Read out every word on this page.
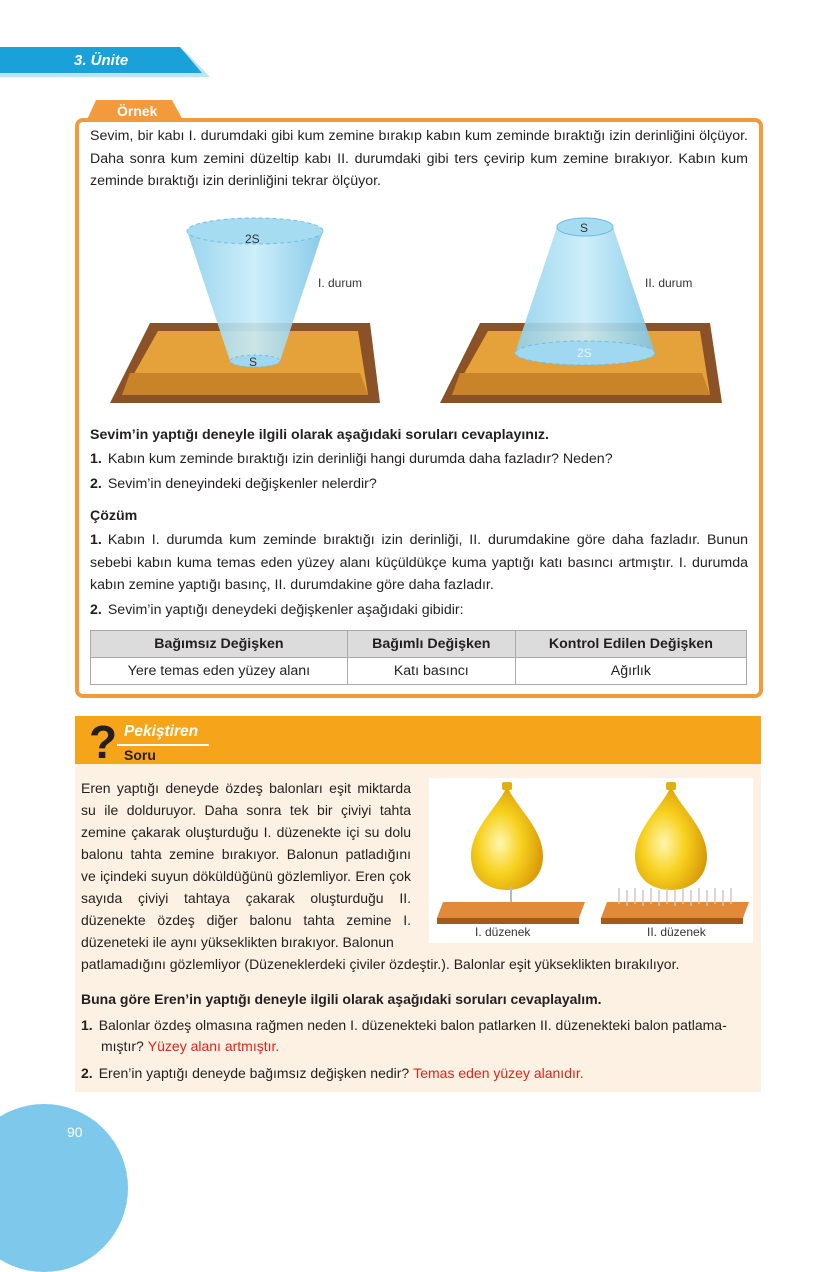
3. Ünite
Örnek
Sevim, bir kabı I. durumdaki gibi kum zemine bırakıp kabın kum zeminde bıraktığı izin derinliğini ölçüyor. Daha sonra kum zemini düzeltip kabı II. durumdaki gibi ters çevirip kum zemine bırakıyor. Kabın kum zeminde bıraktığı izin derinliğini tekrar ölçüyor.
2S
S
I. durum
S
2S
II. durum
Sevim’in yaptığı deneyle ilgili olarak aşağıdaki soruları cevaplayınız.
1. Kabın kum zeminde bıraktığı izin derinliği hangi durumda daha fazladır? Neden?
2. Sevim’in deneyindeki değişkenler nelerdir?
Çözüm
1. Kabın I. durumda kum zeminde bıraktığı izin derinliği, II. durumdakine göre daha fazladır. Bunun sebebi kabın kuma temas eden yüzey alanı küçüldükçe kuma yaptığı katı basıncı artmıştır. I. durumda kabın zemine yaptığı basınç, II. durumdakine göre daha fazladır.
2. Sevim’in yaptığı deneydeki değişkenler aşağıdaki gibidir:
Bağımsız Değişken	Bağımlı Değişken	Kontrol Edilen Değişken
Yere temas eden yüzey alanı	Katı basıncı	Ağırlık
? Pekiştiren
Soru
Eren yaptığı deneyde özdeş balonları eşit miktarda su ile dolduruyor. Daha sonra tek bir çiviyi tahta zemine çakarak oluşturduğu I. düzenekte içi su dolu balonu tahta zemine bırakıyor. Balonun patladığını ve içindeki suyun döküldüğünü gözlemliyor. Eren çok sayıda çiviyi tahtaya çakarak oluşturduğu II. düzenekte özdeş diğer balonu tahta zemine I. düzeneteki ile aynı yükseklikten bırakıyor. Balonun
patlamadığını gözlemliyor (Düzeneklerdeki çiviler özdeştir.). Balonlar eşit yükseklikten bırakılıyor.
I. düzenek	II. düzenek
Buna göre Eren’in yaptığı deneyle ilgili olarak aşağıdaki soruları cevaplayalım.
1. Balonlar özdeş olmasına rağmen neden I. düzenekteki balon patlarken II. düzenekteki balon patlama-
mıştır? Yüzey alanı artmıştır.
2. Eren’in yaptığı deneyde bağımsız değişken nedir? Temas eden yüzey alanıdır.
90
